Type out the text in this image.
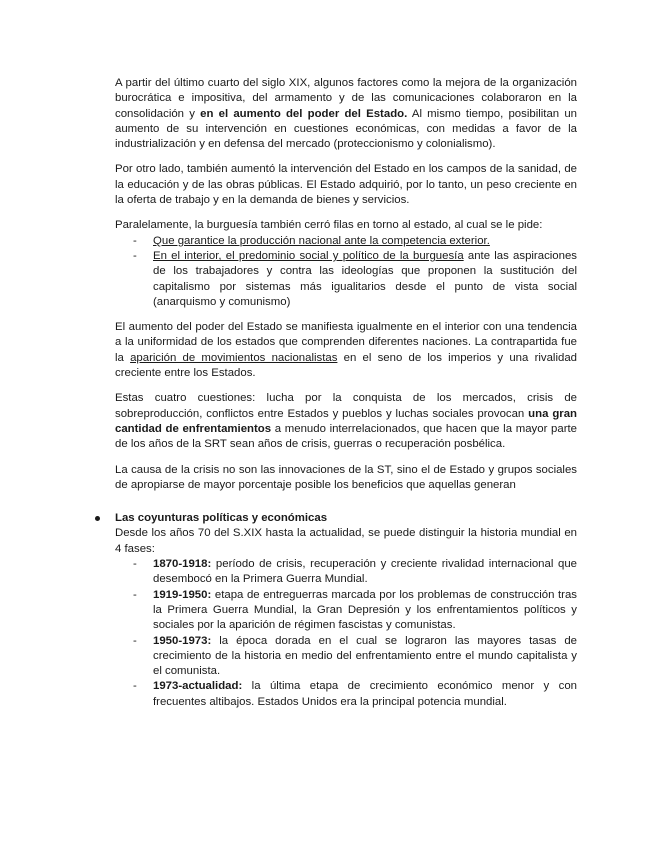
A partir del último cuarto del siglo XIX, algunos factores como la mejora de la organización burocrática e impositiva, del armamento y de las comunicaciones colaboraron en la consolidación y en el aumento del poder del Estado. Al mismo tiempo, posibilitan un aumento de su intervención en cuestiones económicas, con medidas a favor de la industrialización y en defensa del mercado (proteccionismo y colonialismo).

Por otro lado, también aumentó la intervención del Estado en los campos de la sanidad, de la educación y de las obras públicas. El Estado adquirió, por lo tanto, un peso creciente en la oferta de trabajo y en la demanda de bienes y servicios.

Paralelamente, la burguesía también cerró filas en torno al estado, al cual se le pide:

- Que garantice la producción nacional ante la competencia exterior.
- En el interior, el predominio social y político de la burguesía ante las aspiraciones de los trabajadores y contra las ideologías que proponen la sustitución del capitalismo por sistemas más igualitarios desde el punto de vista social (anarquismo y comunismo)

El aumento del poder del Estado se manifiesta igualmente en el interior con una tendencia a la uniformidad de los estados que comprenden diferentes naciones. La contrapartida fue la aparición de movimientos nacionalistas en el seno de los imperios y una rivalidad creciente entre los Estados.

Estas cuatro cuestiones: lucha por la conquista de los mercados, crisis de sobreproducción, conflictos entre Estados y pueblos y luchas sociales provocan una gran cantidad de enfrentamientos a menudo interrelacionados, que hacen que la mayor parte de los años de la SRT sean años de crisis, guerras o recuperación posbélica.

La causa de la crisis no son las innovaciones de la ST, sino el de Estado y grupos sociales de apropiarse de mayor porcentaje posible los beneficios que aquellas generan

Las coyunturas políticas y económicas

Desde los años 70 del S.XIX hasta la actualidad, se puede distinguir la historia mundial en 4 fases:

- 1870-1918: período de crisis, recuperación y creciente rivalidad internacional que desembocó en la Primera Guerra Mundial.
- 1919-1950: etapa de entreguerras marcada por los problemas de construcción tras la Primera Guerra Mundial, la Gran Depresión y los enfrentamientos políticos y sociales por la aparición de régimen fascistas y comunistas.
- 1950-1973: la época dorada en el cual se lograron las mayores tasas de crecimiento de la historia en medio del enfrentamiento entre el mundo capitalista y el comunista.
- 1973-actualidad: la última etapa de crecimiento económico menor y con frecuentes altibajos. Estados Unidos era la principal potencia mundial.
